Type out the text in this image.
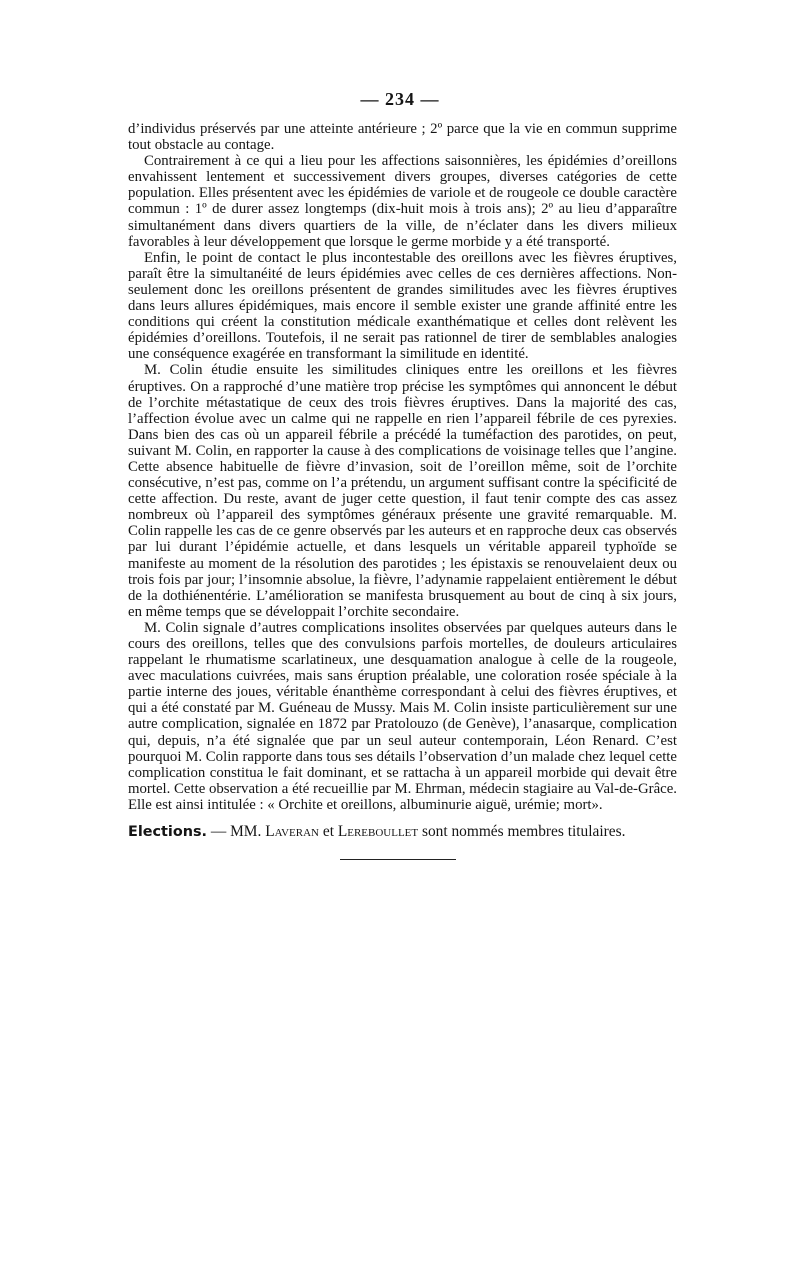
— 234 —

d’individus préservés par une atteinte antérieure ; 2º parce que la vie en commun supprime tout obstacle au contage.

Contrairement à ce qui a lieu pour les affections saisonnières, les épidémies d’oreillons envahissent lentement et successivement divers groupes, diverses catégories de cette population. Elles présentent avec les épidémies de variole et de rougeole ce double caractère commun : 1º de durer assez longtemps (dix-huit mois à trois ans); 2º au lieu d’apparaître simultanément dans divers quartiers de la ville, de n’éclater dans les divers milieux favorables à leur développement que lorsque le germe morbide y a été transporté.

Enfin, le point de contact le plus incontestable des oreillons avec les fièvres éruptives, paraît être la simultanéité de leurs épidémies avec celles de ces dernières affections. Non-seulement donc les oreillons présentent de grandes similitudes avec les fièvres éruptives dans leurs allures épidémiques, mais encore il semble exister une grande affinité entre les conditions qui créent la constitution médicale exanthématique et celles dont relèvent les épidémies d’oreillons. Toutefois, il ne serait pas rationnel de tirer de semblables analogies une conséquence exagérée en transformant la similitude en identité.

M. Colin étudie ensuite les similitudes cliniques entre les oreillons et les fièvres éruptives. On a rapproché d’une matière trop précise les symptômes qui annoncent le début de l’orchite métastatique de ceux des trois fièvres éruptives. Dans la majorité des cas, l’affection évolue avec un calme qui ne rappelle en rien l’appareil fébrile de ces pyrexies. Dans bien des cas où un appareil fébrile a précédé la tuméfaction des parotides, on peut, suivant M. Colin, en rapporter la cause à des complications de voisinage telles que l’angine. Cette absence habituelle de fièvre d’invasion, soit de l’oreillon même, soit de l’orchite consécutive, n’est pas, comme on l’a prétendu, un argument suffisant contre la spécificité de cette affection. Du reste, avant de juger cette question, il faut tenir compte des cas assez nombreux où l’appareil des symptômes généraux présente une gravité remarquable. M. Colin rappelle les cas de ce genre observés par les auteurs et en rapproche deux cas observés par lui durant l’épidémie actuelle, et dans lesquels un véritable appareil typhoïde se manifeste au moment de la résolution des parotides ; les épistaxis se renouvelaient deux ou trois fois par jour; l’insomnie absolue, la fièvre, l’adynamie rappelaient entièrement le début de la dothiénentérie. L’amélioration se manifesta brusquement au bout de cinq à six jours, en même temps que se développait l’orchite secondaire.

M. Colin signale d’autres complications insolites observées par quelques auteurs dans le cours des oreillons, telles que des convulsions parfois mortelles, de douleurs articulaires rappelant le rhumatisme scarlatineux, une desquamation analogue à celle de la rougeole, avec maculations cuivrées, mais sans éruption préalable, une coloration rosée spéciale à la partie interne des joues, véritable énanthème correspondant à celui des fièvres éruptives, et qui a été constaté par M. Guéneau de Mussy. Mais M. Colin insiste particulièrement sur une autre complication, signalée en 1872 par Pratolouzo (de Genève), l’anasarque, complication qui, depuis, n’a été signalée que par un seul auteur contemporain, Léon Renard. C’est pourquoi M. Colin rapporte dans tous ses détails l’observation d’un malade chez lequel cette complication constitua le fait dominant, et se rattacha à un appareil morbide qui devait être mortel. Cette observation a été recueillie par M. Ehrman, médecin stagiaire au Val-de-Grâce. Elle est ainsi intitulée : « Orchite et oreillons, albuminurie aiguë, urémie; mort».

Elections. — MM. Laveran et Lereboullet sont nommés membres titulaires.
